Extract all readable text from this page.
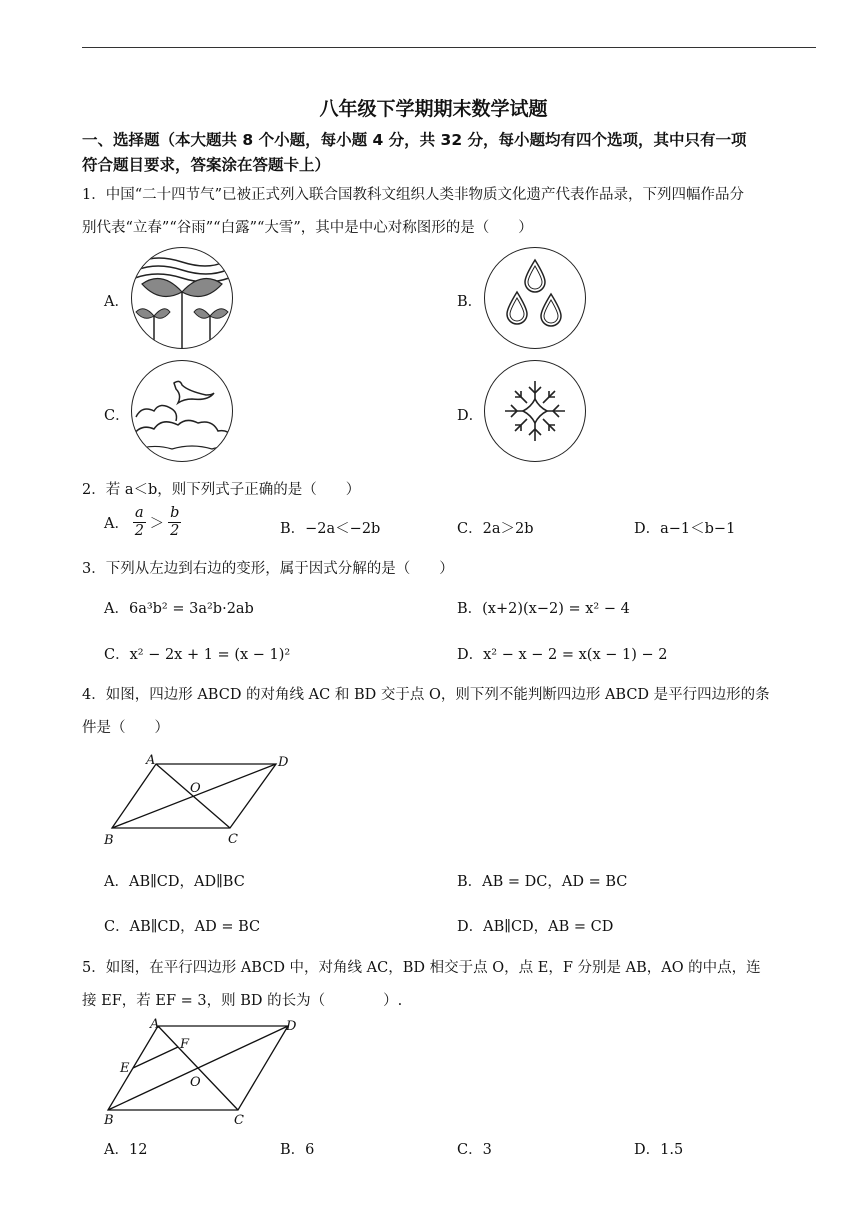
八年级下学期期末数学试题
一、选择题（本大题共 8 个小题，每小题 4 分，共 32 分，每小题均有四个选项，其中只有一项
符合题目要求，答案涂在答题卡上）
1．中国“二十四节气”已被正式列入联合国教科文组织人类非物质文化遗产代表作品录，下列四幅作品分
别代表“立春”“谷雨”“白露”“大雪”，其中是中心对称图形的是（　　）
A．	B．
C．	D．
2．若 a＜b，则下列式子正确的是（　　）
A． $\frac{a}{2} > \frac{b}{2}$	B．−2a＜−2b	C．2a＞2b	D．a−1＜b−1
3．下列从左边到右边的变形，属于因式分解的是（　　）
A．6a³b² = 3a²b·2ab	B．(x+2)(x−2) = x² − 4
C．x² − 2x + 1 = (x − 1)²	D．x² − x − 2 = x(x − 1) − 2
4．如图，四边形 ABCD 的对角线 AC 和 BD 交于点 O，则下列不能判断四边形 ABCD 是平行四边形的条
件是（　　）
A	D
O
B	C
A．AB∥CD，AD∥BC	B．AB = DC，AD = BC
C．AB∥CD，AD = BC	D．AB∥CD，AB = CD
5．如图，在平行四边形 ABCD 中，对角线 AC，BD 相交于点 O，点 E，F 分别是 AB，AO 的中点，连
接 EF，若 EF = 3，则 BD 的长为（　　　　）.
A	D
F
E
O
B	C
A．12	B．6	C．3	D．1.5
